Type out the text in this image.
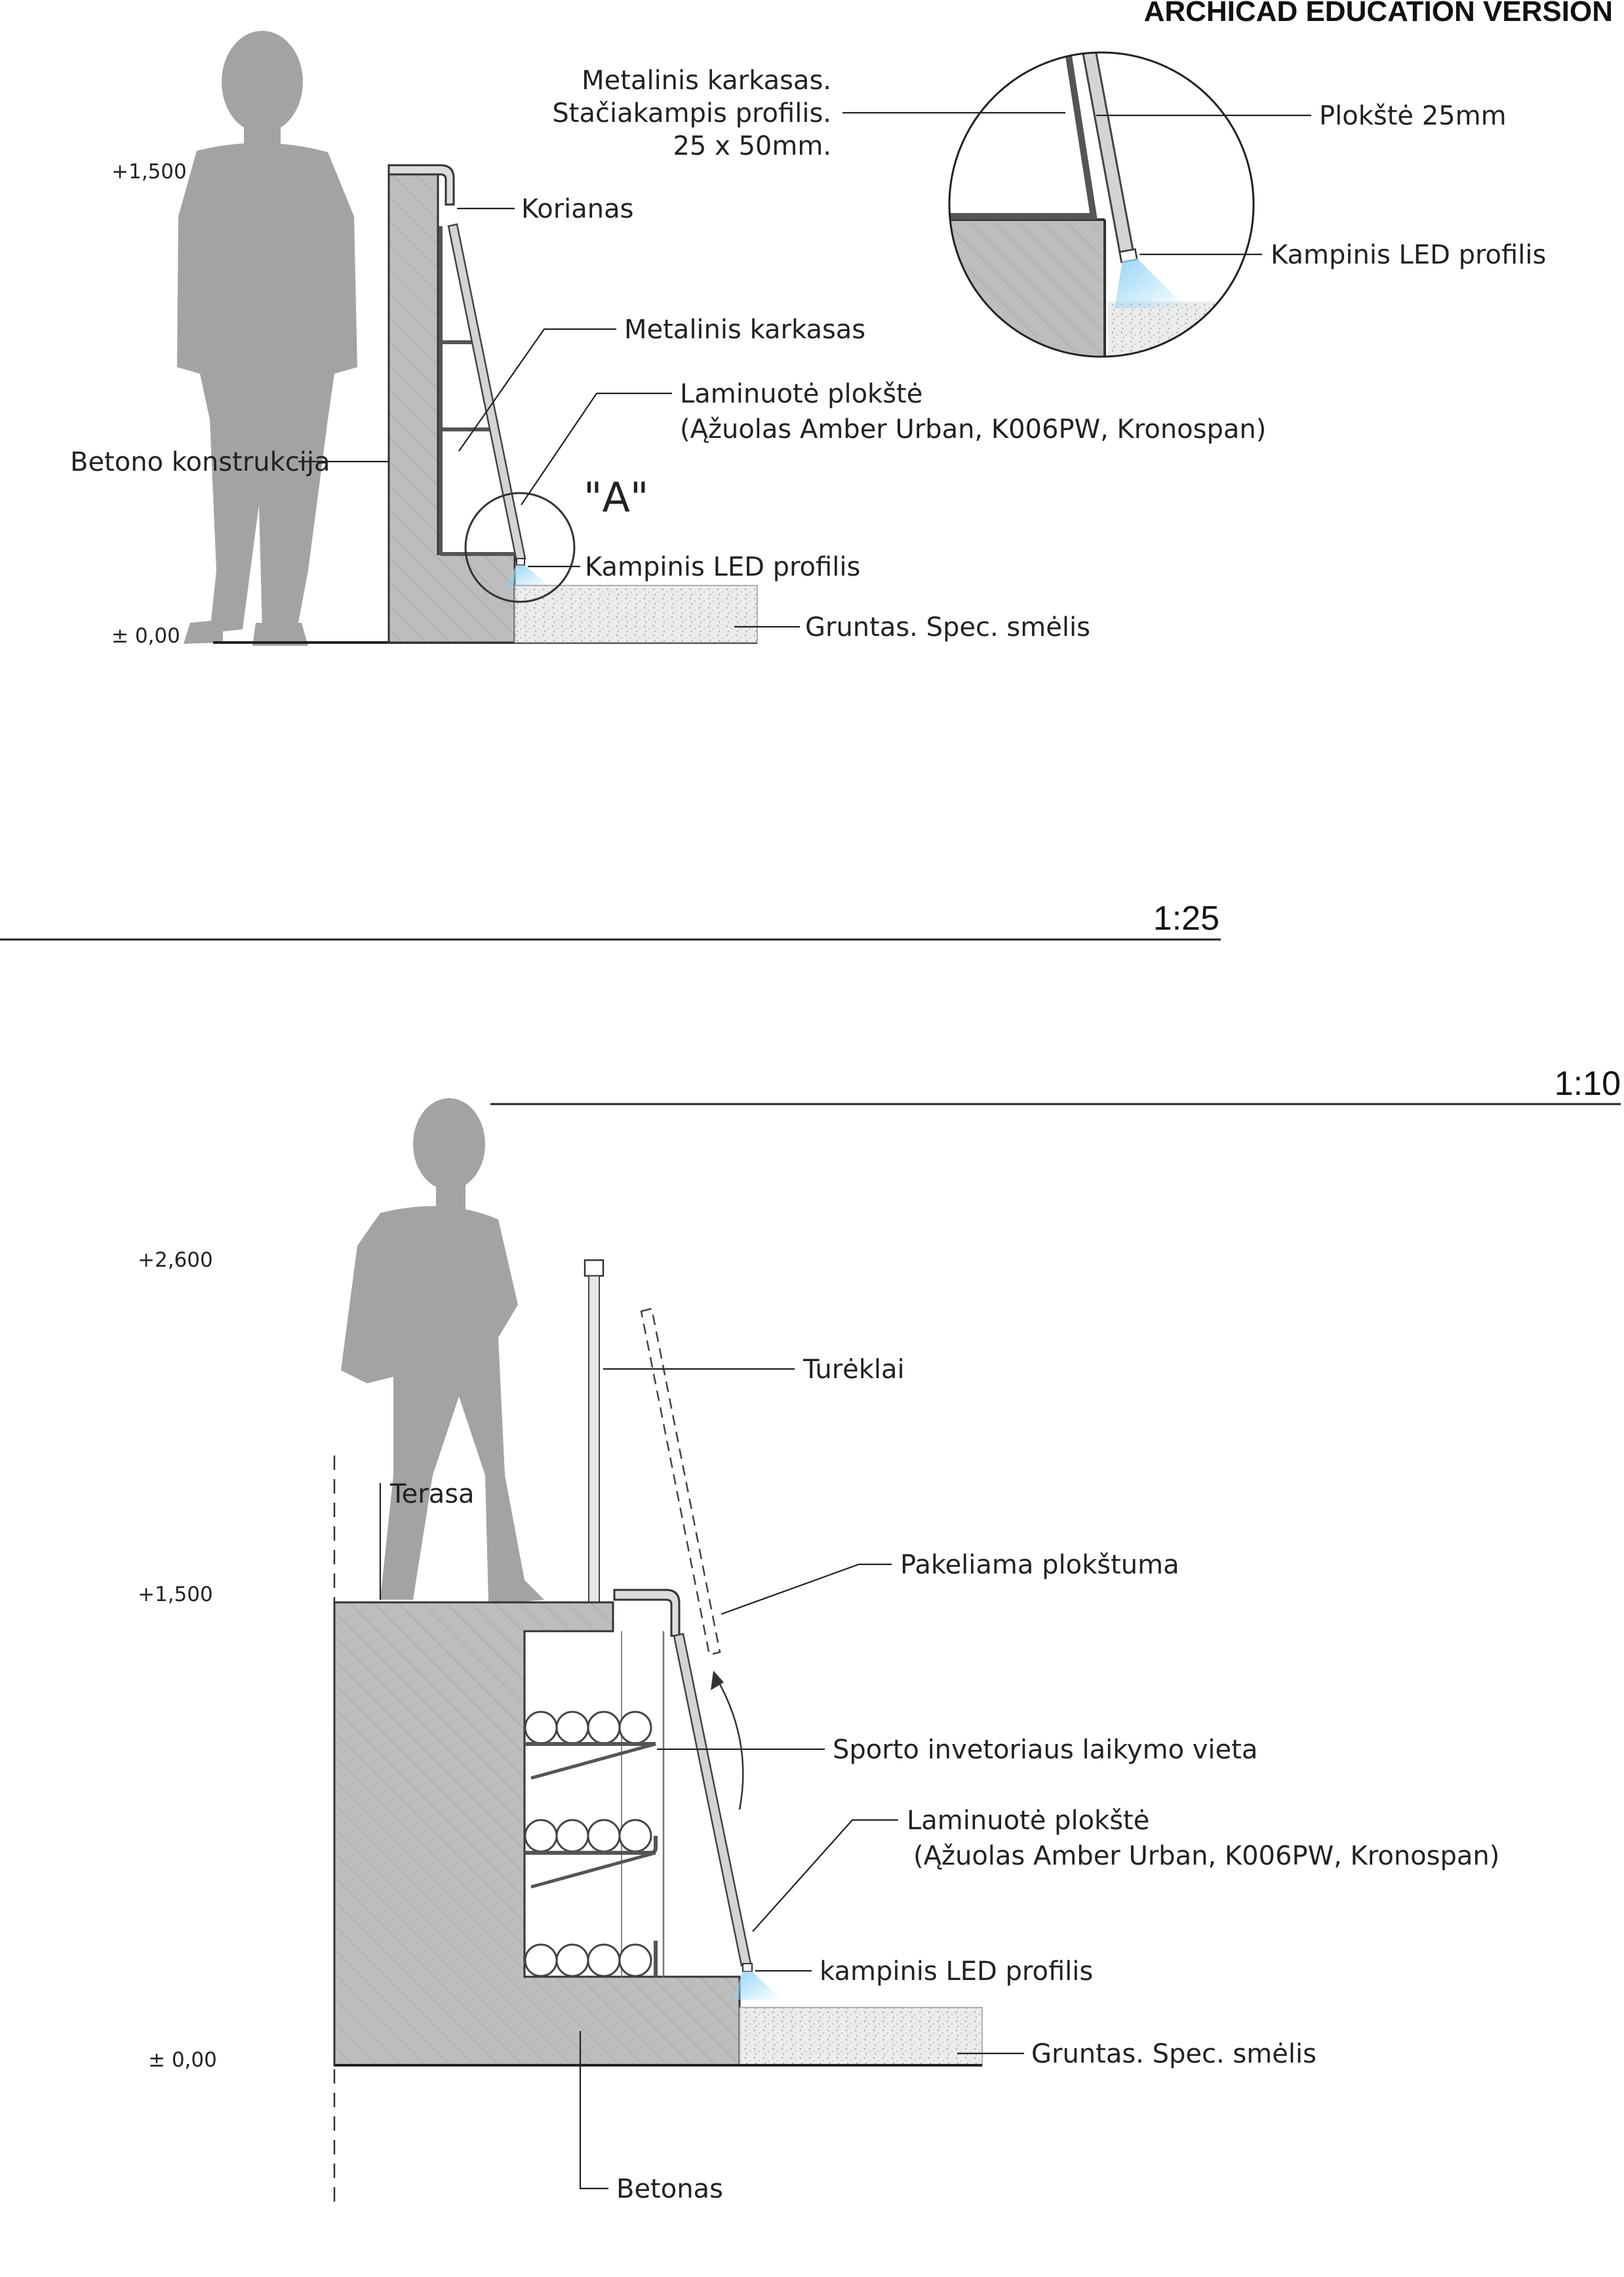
ARCHICAD EDUCATION VERSION
"A"
+1,500
± 0,00
Metalinis karkasas.
Stačiakampis profilis.
25 x 50mm.
Korianas
Metalinis karkasas
Laminuotė plokštė
(Ąžuolas Amber Urban, K006PW, Kronospan)
Betono konstrukcija
Kampinis LED profilis
Gruntas. Spec. smėlis
1:25
Plokštė 25mm
Kampinis LED profilis
1:10
+2,600
+1,500
± 0,00
Turėklai
Terasa
Pakeliama plokštuma
Sporto invetoriaus laikymo vieta
Laminuotė plokštė
(Ąžuolas Amber Urban, K006PW, Kronospan)
kampinis LED profilis
Gruntas. Spec. smėlis
Betonas
